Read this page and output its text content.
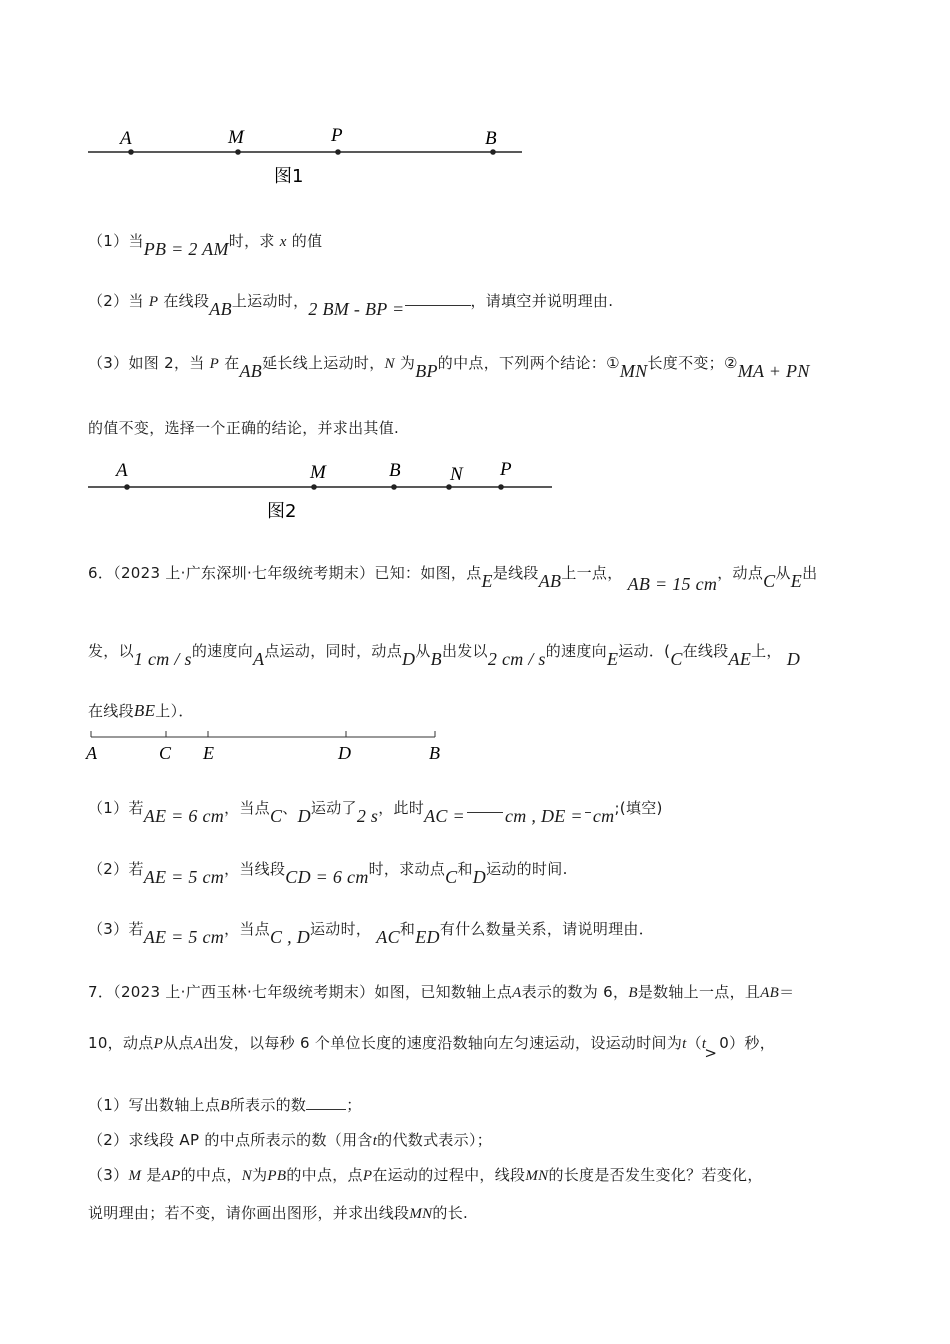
A	M	P	B
图1
（1）当PB = 2 AM时，求 x 的值
（2）当 P 在线段AB上运动时，2 BM - BP =	，请填空并说明理由.
（3）如图 2，当 P 在AB延长线上运动时，N 为BP的中点，下列两个结论：①MN长度不变；②MA + PN
的值不变，选择一个正确的结论，并求出其值.
A	M	B	N P
图2
6．（2023 上·广东深圳·七年级统考期末）已知：如图，点E是线段AB上一点， AB = 15 cm，动点C从E出
发，以1 cm / s的速度向A点运动，同时，动点D从B出发以2 cm / s的速度向E运动．(C在线段AE上， D
在线段BE上）．
A	C E	D	B
（1）若AE = 6 cm，当点C、D运动了2 s，此时AC = cm , DE = cm;(填空)
（2）若AE = 5 cm，当线段CD = 6 cm时，求动点C和D运动的时间.
（3）若AE = 5 cm，当点C , D运动时， AC和ED有什么数量关系，请说明理由．
7．（2023 上·广西玉林·七年级统考期末）如图，已知数轴上点A表示的数为 6，B是数轴上一点，且AB＝
10，动点P从点A出发，以每秒 6 个单位长度的速度沿数轴向左匀速运动，设运动时间为t（t>0）秒，
（1）写出数轴上点B所表示的数	；
（2）求线段 AP 的中点所表示的数（用含t的代数式表示）；
（3）M 是AP的中点，N为PB的中点，点P在运动的过程中，线段MN的长度是否发生变化？若变化，
说明理由；若不变，请你画出图形，并求出线段MN的长.
